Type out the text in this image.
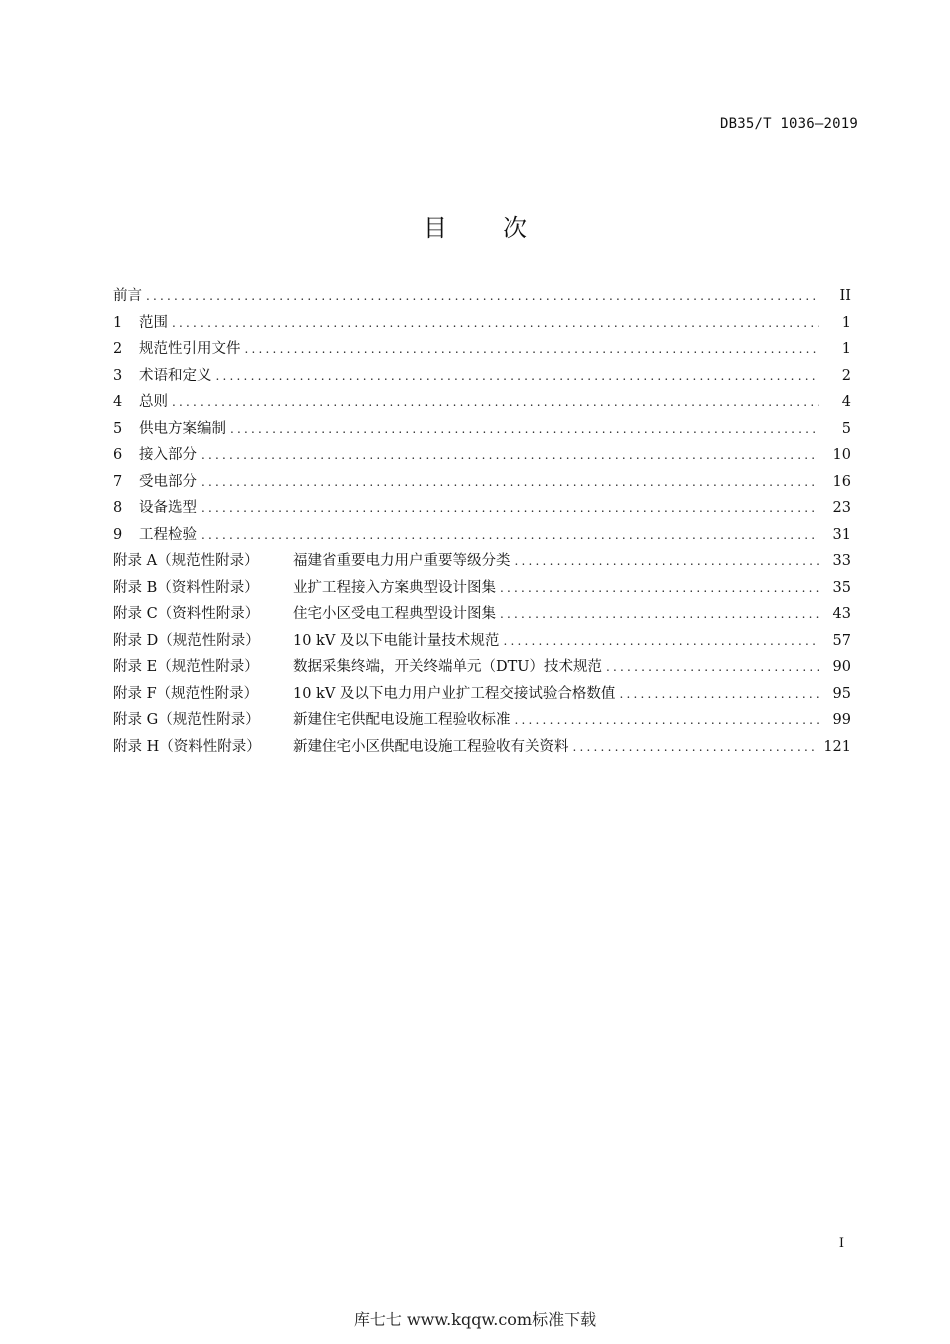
DB35/T 1036—2019
目 次
前言 .....	II
1	范围 .....	1
2	规范性引用文件 .....	1
3	术语和定义 .....	2
4	总则 .....	4
5	供电方案编制 .....	5
6	接入部分 .....	10
7	受电部分 .....	16
8	设备选型 .....	23
9	工程检验 .....	31
附录 A（规范性附录）	福建省重要电力用户重要等级分类 .....	33
附录 B（资料性附录）	业扩工程接入方案典型设计图集 .....	35
附录 C（资料性附录）	住宅小区受电工程典型设计图集 .....	43
附录 D（规范性附录）	10 kV 及以下电能计量技术规范 .....	57
附录 E（规范性附录）	数据采集终端，开关终端单元（DTU）技术规范 .....	90
附录 F（规范性附录）	10 kV 及以下电力用户业扩工程交接试验合格数值 .....	95
附录 G（规范性附录）	新建住宅供配电设施工程验收标准 .....	99
附录 H（资料性附录）	新建住宅小区供配电设施工程验收有关资料 .....	121
I
库七七 www.kqqw.com标准下载
